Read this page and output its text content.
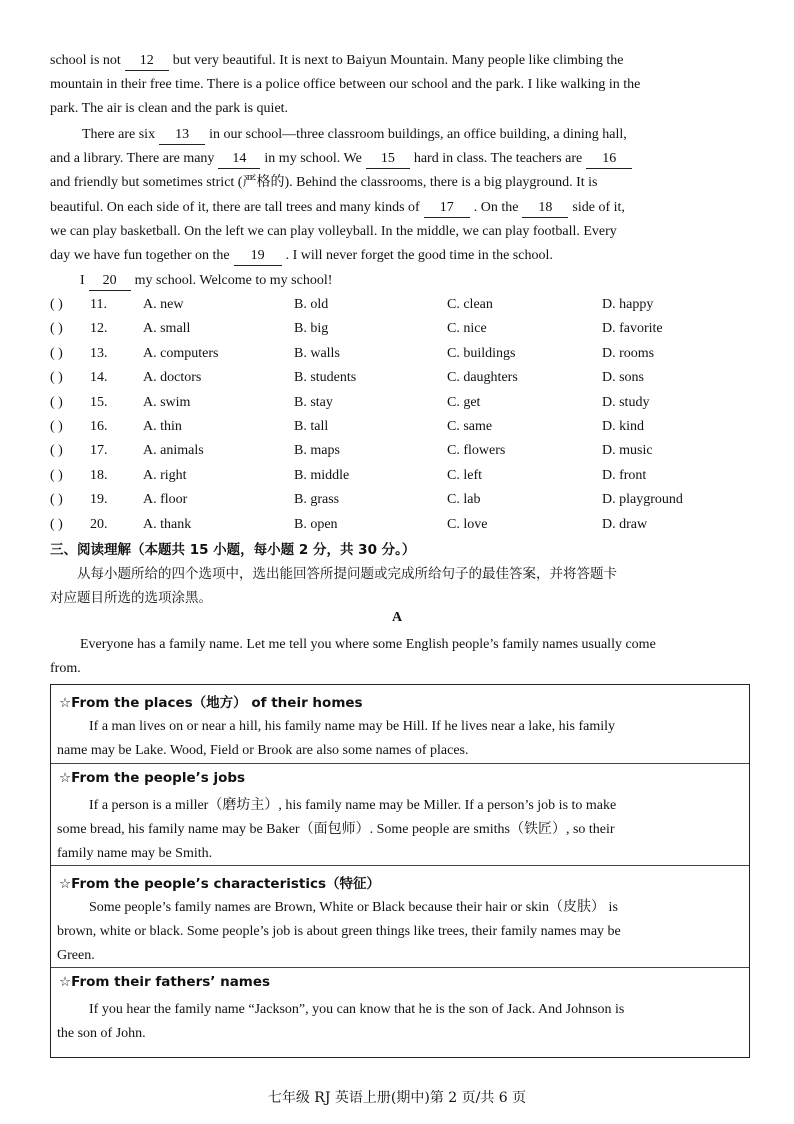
school is not 12 but very beautiful. It is next to Baiyun Mountain. Many people like climbing the
mountain in their free time. There is a police office between our school and the park. I like walking in the
park. The air is clean and the park is quiet.
There are six 13 in our school—three classroom buildings, an office building, a dining hall,
and a library. There are many 14 in my school. We 15 hard in class. The teachers are 16
and friendly but sometimes strict (严格的). Behind the classrooms, there is a big playground. It is
beautiful. On each side of it, there are tall trees and many kinds of 17 . On the 18 side of it,
we can play basketball. On the left we can play volleyball. In the middle, we can play football. Every
day we have fun together on the 19 . I will never forget the good time in the school.
I 20 my school. Welcome to my school!
( ) 11.	A. new	B. old	C. clean	D. happy
( ) 12.	A. small	B. big	C. nice	D. favorite
( ) 13.	A. computers	B. walls	C. buildings	D. rooms
( ) 14.	A. doctors	B. students	C. daughters	D. sons
( ) 15.	A. swim	B. stay	C. get	D. study
( ) 16.	A. thin	B. tall	C. same	D. kind
( ) 17.	A. animals	B. maps	C. flowers	D. music
( ) 18.	A. right	B. middle	C. left	D. front
( ) 19.	A. floor	B. grass	C. lab	D. playground
( ) 20.	A. thank	B. open	C. love	D. draw
三、阅读理解（本题共 15 小题，每小题 2 分，共 30 分。）
从每小题所给的四个选项中，选出能回答所提问题或完成所给句子的最佳答案，并将答题卡
对应题目所选的选项涂黑。
A
Everyone has a family name. Let me tell you where some English people’s family names usually come
from.
☆From the places（地方） of their homes
If a man lives on or near a hill, his family name may be Hill. If he lives near a lake, his family
name may be Lake. Wood, Field or Brook are also some names of places.
☆From the people’s jobs
If a person is a miller（磨坊主）, his family name may be Miller. If a person’s job is to make
some bread, his family name may be Baker（面包师）. Some people are smiths（铁匠）, so their
family name may be Smith.
☆From the people’s characteristics（特征）
Some people’s family names are Brown, White or Black because their hair or skin（皮肤） is
brown, white or black. Some people’s job is about green things like trees, their family names may be
Green.
☆From their fathers’ names
If you hear the family name “Jackson”, you can know that he is the son of Jack. And Johnson is
the son of John.
七年级 RJ 英语上册(期中)第 2 页/共 6 页
